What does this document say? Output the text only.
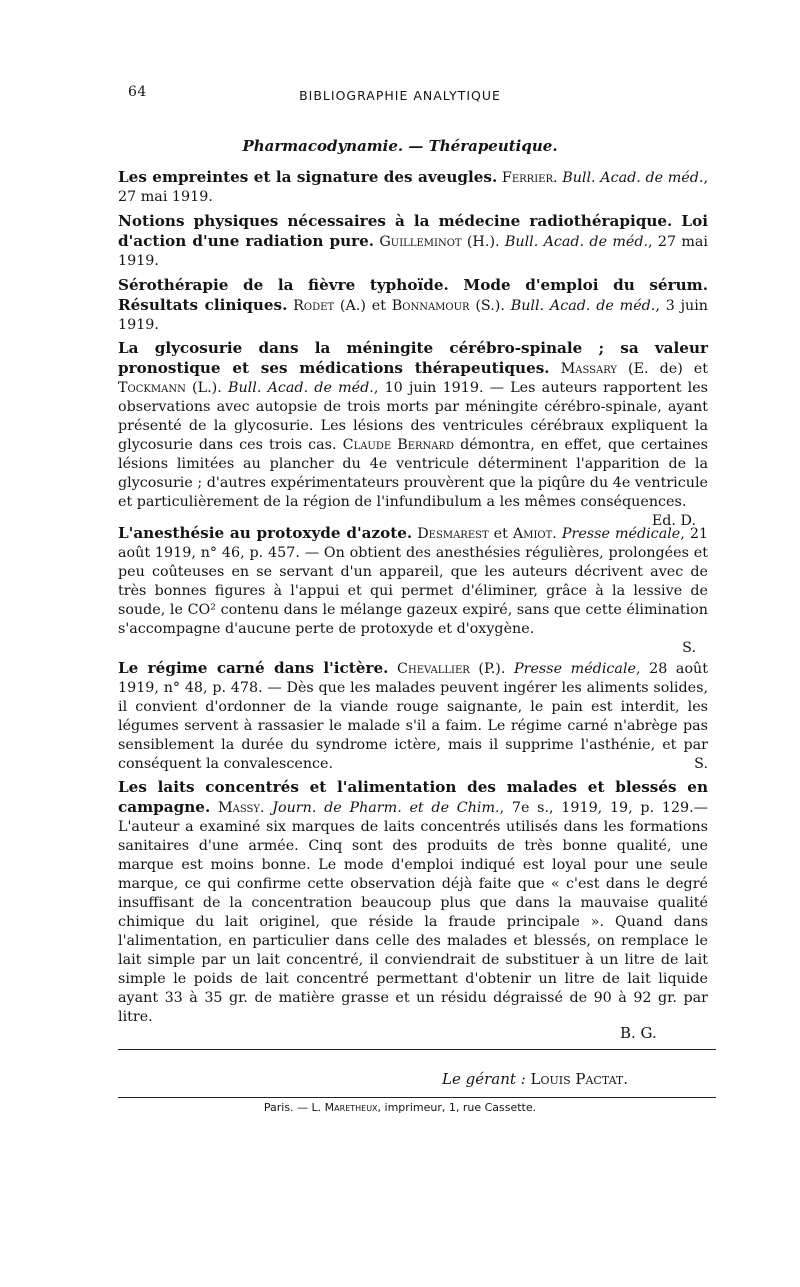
64	BIBLIOGRAPHIE ANALYTIQUE
Pharmacodynamie. — Thérapeutique.
Les empreintes et la signature des aveugles. Ferrier. Bull. Acad. de méd., 27 mai 1919.
Notions physiques nécessaires à la médecine radiothérapique. Loi d'action d'une radiation pure. Guilleminot (H.). Bull. Acad. de méd., 27 mai 1919.
Sérothérapie de la fièvre typhoïde. Mode d'emploi du sérum. Résultats cliniques. Rodet (A.) et Bonnamour (S.). Bull. Acad. de méd., 3 juin 1919.
La glycosurie dans la méningite cérébro-spinale ; sa valeur pronostique et ses médications thérapeutiques. Massary (E. de) et Tockmann (L.). Bull. Acad. de méd., 10 juin 1919. — Les auteurs rapportent les observations avec autopsie de trois morts par méningite cérébro-spinale, ayant présenté de la glycosurie. Les lésions des ventricules cérébraux expliquent la glycosurie dans ces trois cas. Claude Bernard démontra, en effet, que certaines lésions limitées au plancher du 4e ventricule déterminent l'apparition de la glycosurie ; d'autres expérimentateurs prouvèrent que la piqûre du 4e ventricule et particulièrement de la région de l'infundibulum a les mêmes conséquences.
Ed. D.
L'anesthésie au protoxyde d'azote. Desmarest et Amiot. Presse médicale, 21 août 1919, n° 46, p. 457. — On obtient des anesthésies régulières, prolongées et peu coûteuses en se servant d'un appareil, que les auteurs décrivent avec de très bonnes figures à l'appui et qui permet d'éliminer, grâce à la lessive de soude, le CO² contenu dans le mélange gazeux expiré, sans que cette élimination s'accompagne d'aucune perte de protoxyde et d'oxygène.
S.
Le régime carné dans l'ictère. Chevallier (P.). Presse médicale, 28 août 1919, n° 48, p. 478. — Dès que les malades peuvent ingérer les aliments solides, il convient d'ordonner de la viande rouge saignante, le pain est interdit, les légumes servent à rassasier le malade s'il a faim. Le régime carné n'abrège pas sensiblement la durée du syndrome ictère, mais il supprime l'asthénie, et par conséquent la convalescence.	S.
Les laits concentrés et l'alimentation des malades et blessés en campagne. Massy. Journ. de Pharm. et de Chim., 7e s., 1919, 19, p. 129.— L'auteur a examiné six marques de laits concentrés utilisés dans les formations sanitaires d'une armée. Cinq sont des produits de très bonne qualité, une marque est moins bonne. Le mode d'emploi indiqué est loyal pour une seule marque, ce qui confirme cette observation déjà faite que « c'est dans le degré insuffisant de la concentration beaucoup plus que dans la mauvaise qualité chimique du lait originel, que réside la fraude principale ». Quand dans l'alimentation, en particulier dans celle des malades et blessés, on remplace le lait simple par un lait concentré, il conviendrait de substituer à un litre de lait simple le poids de lait concentré permettant d'obtenir un litre de lait liquide ayant 33 à 35 gr. de matière grasse et un résidu dégraissé de 90 à 92 gr. par litre.
B. G.
Le gérant : Louis Pactat.
Paris. — L. Maretheux, imprimeur, 1, rue Cassette.
